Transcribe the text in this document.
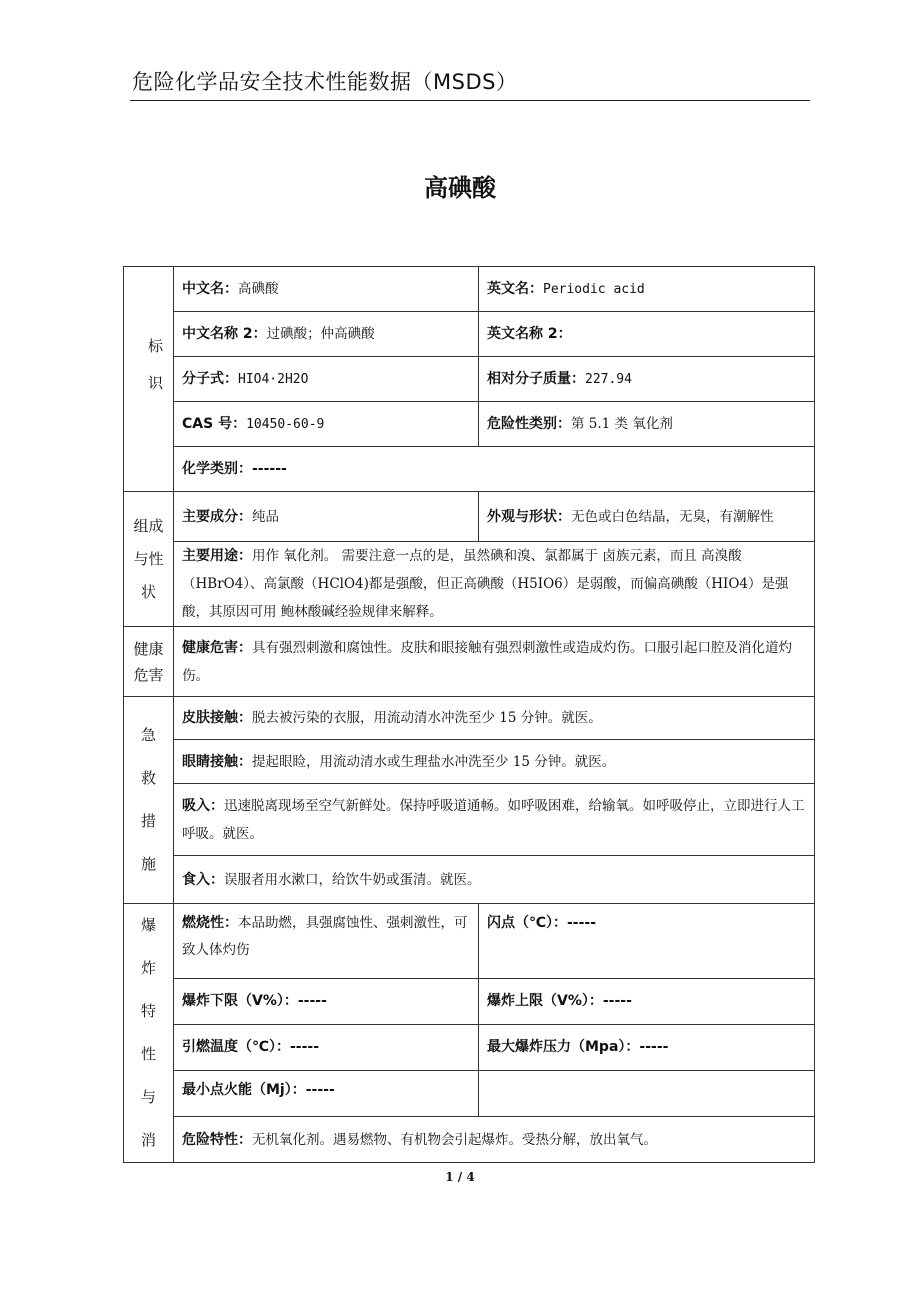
危险化学品安全技术性能数据（MSDS）
高碘酸
标识	中文名：高碘酸	英文名：Periodic acid
	中文名称 2：过碘酸；仲高碘酸	英文名称 2：
	分子式：HIO4·2H2O	相对分子质量：227.94
	CAS 号：10450-60-9	危险性类别：第 5.1 类 氧化剂
	化学类别：------	

组成与性状	主要成分：纯品	外观与形状：无色或白色结晶，无臭，有潮解性
	主要用途：用作 氧化剂。 需要注意一点的是，虽然碘和溴、氯都属于 卤族元素，而且 高溴酸（HBrO4）、高氯酸（HClO4)都是强酸，但正高碘酸（H5IO6）是弱酸，而偏高碘酸（HIO4）是强酸，其原因可用 鲍林酸碱经验规律来解释。	

健康危害	健康危害：具有强烈刺激和腐蚀性。皮肤和眼接触有强烈刺激性或造成灼伤。口服引起口腔及消化道灼伤。	

急救措施	皮肤接触：脱去被污染的衣服，用流动清水冲洗至少 15 分钟。就医。	
	眼睛接触：提起眼睑，用流动清水或生理盐水冲洗至少 15 分钟。就医。	
	吸入：迅速脱离现场至空气新鲜处。保持呼吸道通畅。如呼吸困难，给输氧。如呼吸停止，立即进行人工呼吸。就医。	
	食入：误服者用水漱口，给饮牛奶或蛋清。就医。	

爆炸特性与消	燃烧性：本品助燃，具强腐蚀性、强刺激性，可致人体灼伤	闪点（℃）：-----
	爆炸下限（V%）：-----	爆炸上限（V%）：-----
	引燃温度（℃）：-----	最大爆炸压力（Mpa）：-----
	最小点火能（Mj）：-----	
	危险特性：无机氧化剂。遇易燃物、有机物会引起爆炸。受热分解，放出氧气。	
1 / 4
